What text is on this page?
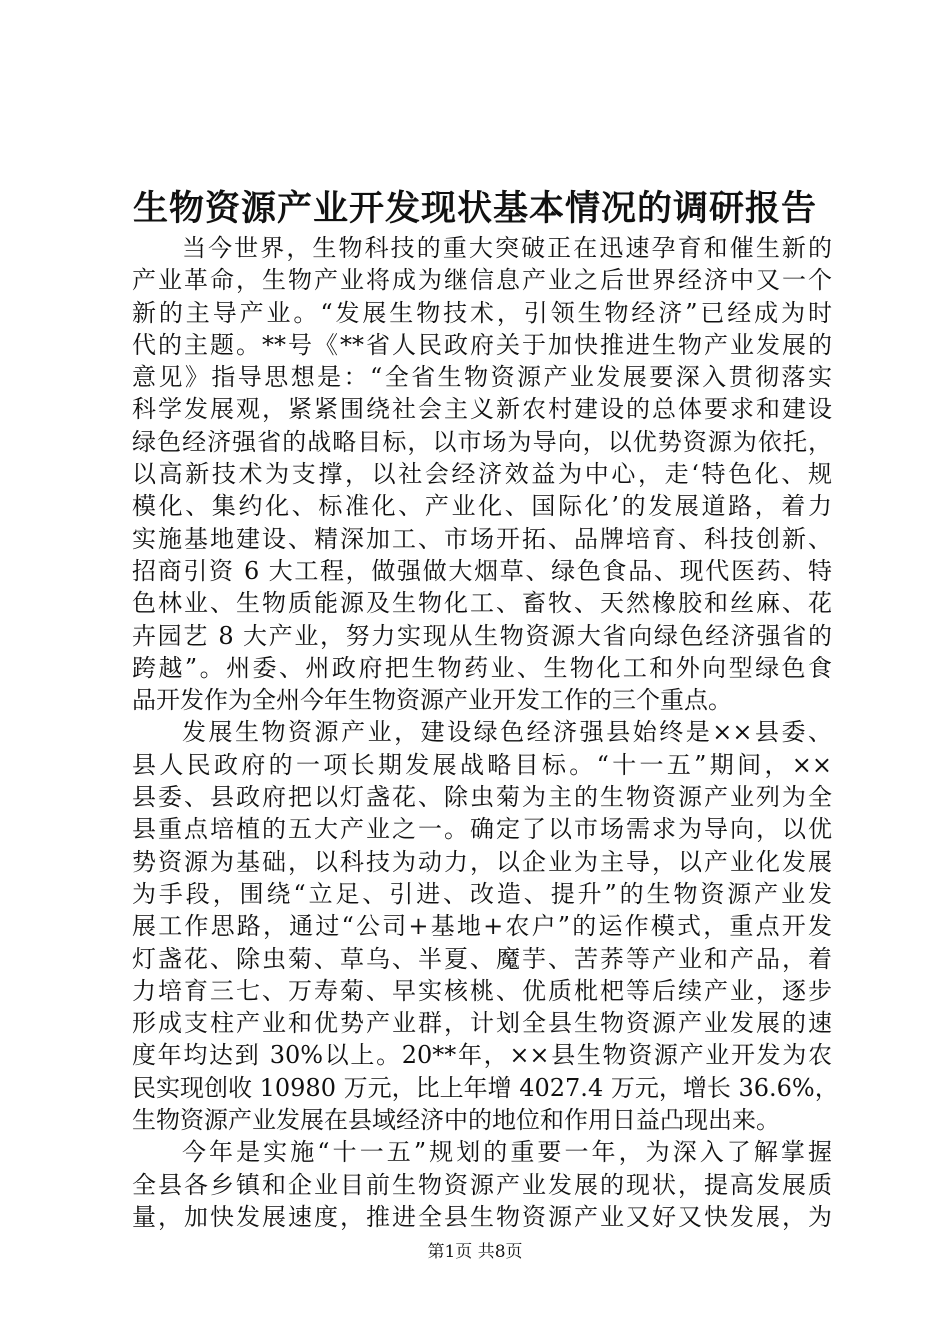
生物资源产业开发现状基本情况的调研报告
当今世界，生物科技的重大突破正在迅速孕育和催生新的
产业革命，生物产业将成为继信息产业之后世界经济中又一个
新的主导产业。“发展生物技术，引领生物经济”已经成为时
代的主题。**号《**省人民政府关于加快推进生物产业发展的
意见》指导思想是：“全省生物资源产业发展要深入贯彻落实
科学发展观，紧紧围绕社会主义新农村建设的总体要求和建设
绿色经济强省的战略目标，以市场为导向，以优势资源为依托，
以高新技术为支撑，以社会经济效益为中心，走‘特色化、规
模化、集约化、标准化、产业化、国际化’的发展道路，着力
实施基地建设、精深加工、市场开拓、品牌培育、科技创新、
招商引资 6 大工程，做强做大烟草、绿色食品、现代医药、特
色林业、生物质能源及生物化工、畜牧、天然橡胶和丝麻、花
卉园艺 8 大产业，努力实现从生物资源大省向绿色经济强省的
跨越”。州委、州政府把生物药业、生物化工和外向型绿色食
品开发作为全州今年生物资源产业开发工作的三个重点。
发展生物资源产业，建设绿色经济强县始终是××县委、
县人民政府的一项长期发展战略目标。“十一五”期间，××
县委、县政府把以灯盏花、除虫菊为主的生物资源产业列为全
县重点培植的五大产业之一。确定了以市场需求为导向，以优
势资源为基础，以科技为动力，以企业为主导，以产业化发展
为手段，围绕“立足、引进、改造、提升”的生物资源产业发
展工作思路，通过“公司+基地+农户”的运作模式，重点开发
灯盏花、除虫菊、草乌、半夏、魔芋、苦荞等产业和产品，着
力培育三七、万寿菊、早实核桃、优质枇杷等后续产业，逐步
形成支柱产业和优势产业群，计划全县生物资源产业发展的速
度年均达到 30%以上。20**年，××县生物资源产业开发为农
民实现创收 10980 万元，比上年增 4027.4 万元，增长 36.6%，
生物资源产业发展在县域经济中的地位和作用日益凸现出来。
今年是实施“十一五”规划的重要一年，为深入了解掌握
全县各乡镇和企业目前生物资源产业发展的现状，提高发展质
量，加快发展速度，推进全县生物资源产业又好又快发展，为
第1页 共8页
